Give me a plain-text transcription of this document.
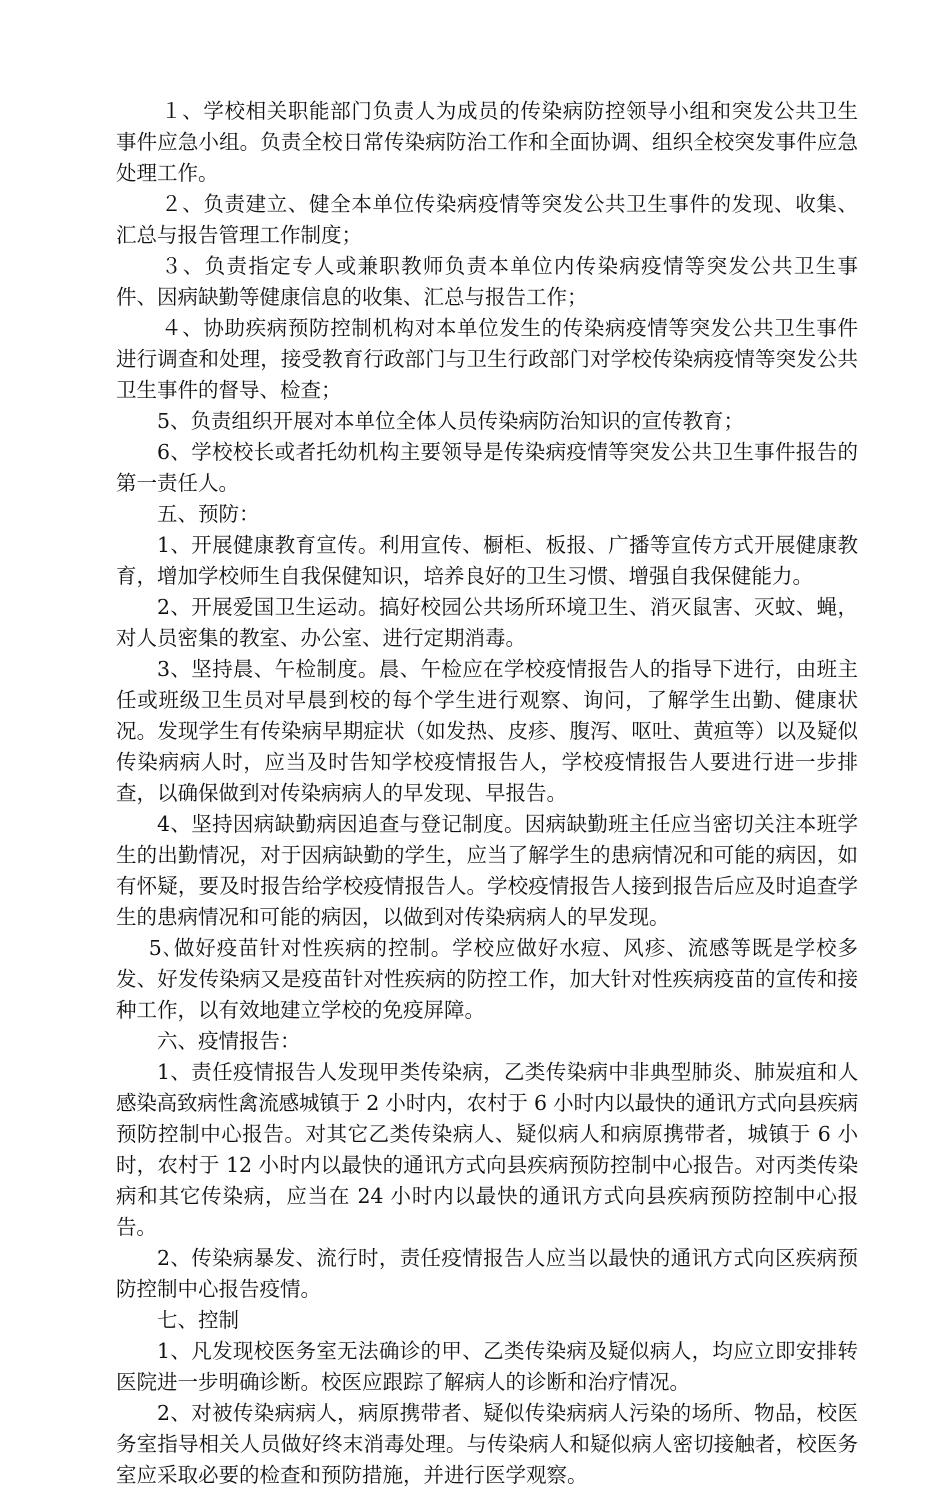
１、学校相关职能部门负责人为成员的传染病防控领导小组和突发公共卫生事件应急小组。负责全校日常传染病防治工作和全面协调、组织全校突发事件应急处理工作。

２、负责建立、健全本单位传染病疫情等突发公共卫生事件的发现、收集、汇总与报告管理工作制度；

３、负责指定专人或兼职教师负责本单位内传染病疫情等突发公共卫生事件、因病缺勤等健康信息的收集、汇总与报告工作；

４、协助疾病预防控制机构对本单位发生的传染病疫情等突发公共卫生事件进行调查和处理，接受教育行政部门与卫生行政部门对学校传染病疫情等突发公共卫生事件的督导、检查；

5、负责组织开展对本单位全体人员传染病防治知识的宣传教育；

6、学校校长或者托幼机构主要领导是传染病疫情等突发公共卫生事件报告的第一责任人。

五、预防：

1、开展健康教育宣传。利用宣传、橱柜、板报、广播等宣传方式开展健康教育，增加学校师生自我保健知识，培养良好的卫生习惯、增强自我保健能力。

2、开展爱国卫生运动。搞好校园公共场所环境卫生、消灭鼠害、灭蚊、蝇，对人员密集的教室、办公室、进行定期消毒。

3、坚持晨、午检制度。晨、午检应在学校疫情报告人的指导下进行，由班主任或班级卫生员对早晨到校的每个学生进行观察、询问，了解学生出勤、健康状况。发现学生有传染病早期症状（如发热、皮疹、腹泻、呕吐、黄疸等）以及疑似传染病病人时，应当及时告知学校疫情报告人，学校疫情报告人要进行进一步排查，以确保做到对传染病病人的早发现、早报告。

4、坚持因病缺勤病因追查与登记制度。因病缺勤班主任应当密切关注本班学生的出勤情况，对于因病缺勤的学生，应当了解学生的患病情况和可能的病因，如有怀疑，要及时报告给学校疫情报告人。学校疫情报告人接到报告后应及时追查学生的患病情况和可能的病因，以做到对传染病病人的早发现。

5､做好疫苗针对性疾病的控制。学校应做好水痘、风疹、流感等既是学校多发、好发传染病又是疫苗针对性疾病的防控工作，加大针对性疾病疫苗的宣传和接种工作，以有效地建立学校的免疫屏障。

六、疫情报告：

1、责任疫情报告人发现甲类传染病，乙类传染病中非典型肺炎、肺炭疽和人感染高致病性禽流感城镇于 2 小时内，农村于 6 小时内以最快的通讯方式向县疾病预防控制中心报告。对其它乙类传染病人、疑似病人和病原携带者，城镇于 6 小时，农村于 12 小时内以最快的通讯方式向县疾病预防控制中心报告。对丙类传染病和其它传染病，应当在 24 小时内以最快的通讯方式向县疾病预防控制中心报告。

2、传染病暴发、流行时，责任疫情报告人应当以最快的通讯方式向区疾病预防控制中心报告疫情。

七、控制

1、凡发现校医务室无法确诊的甲、乙类传染病及疑似病人，均应立即安排转医院进一步明确诊断。校医应跟踪了解病人的诊断和治疗情况。

2、对被传染病病人，病原携带者、疑似传染病病人污染的场所、物品，校医务室指导相关人员做好终末消毒处理。与传染病人和疑似病人密切接触者，校医务室应采取必要的检查和预防措施，并进行医学观察。
